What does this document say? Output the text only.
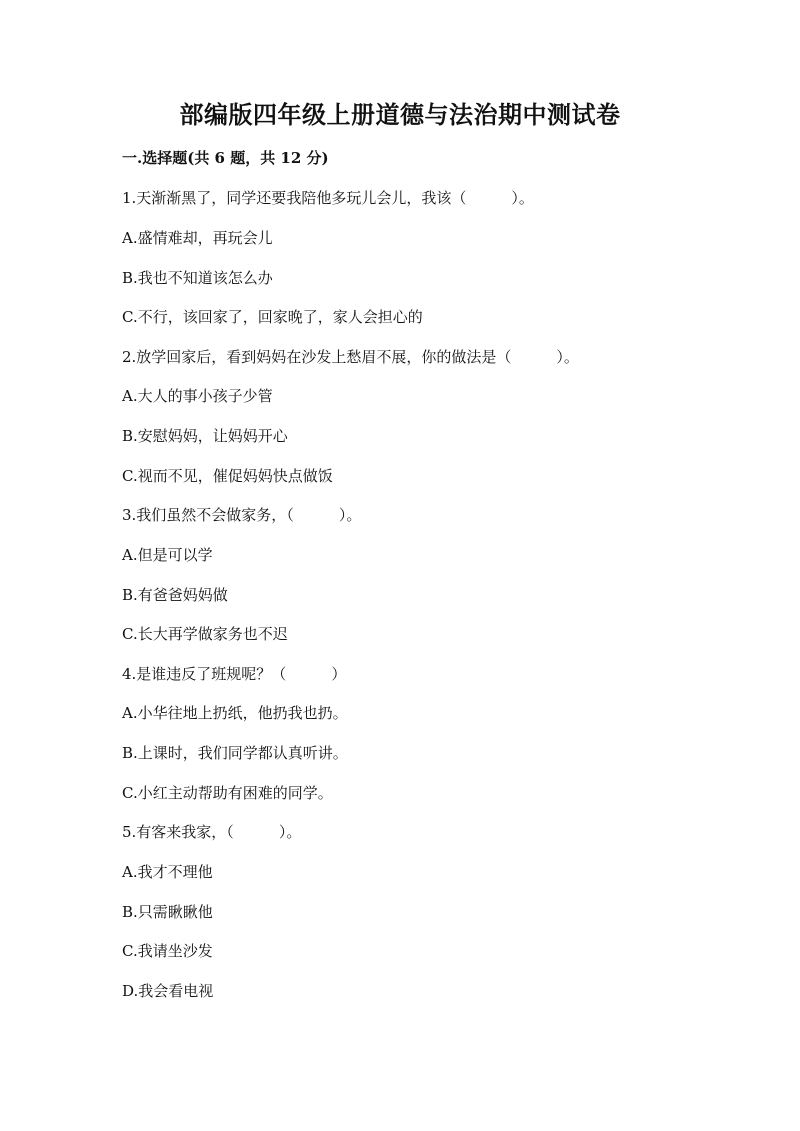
部编版四年级上册道德与法治期中测试卷
一.选择题(共 6 题，共 12 分)
1.天渐渐黑了，同学还要我陪他多玩儿会儿，我该（　　　）。
A.盛情难却，再玩会儿
B.我也不知道该怎么办
C.不行，该回家了，回家晚了，家人会担心的
2.放学回家后，看到妈妈在沙发上愁眉不展，你的做法是（　　　）。
A.大人的事小孩子少管
B.安慰妈妈，让妈妈开心
C.视而不见，催促妈妈快点做饭
3.我们虽然不会做家务，（　　　）。
A.但是可以学
B.有爸爸妈妈做
C.长大再学做家务也不迟
4.是谁违反了班规呢？（　　　）
A.小华往地上扔纸，他扔我也扔。
B.上课时，我们同学都认真听讲。
C.小红主动帮助有困难的同学。
5.有客来我家，（　　　）。
A.我才不理他
B.只需瞅瞅他
C.我请坐沙发
D.我会看电视
